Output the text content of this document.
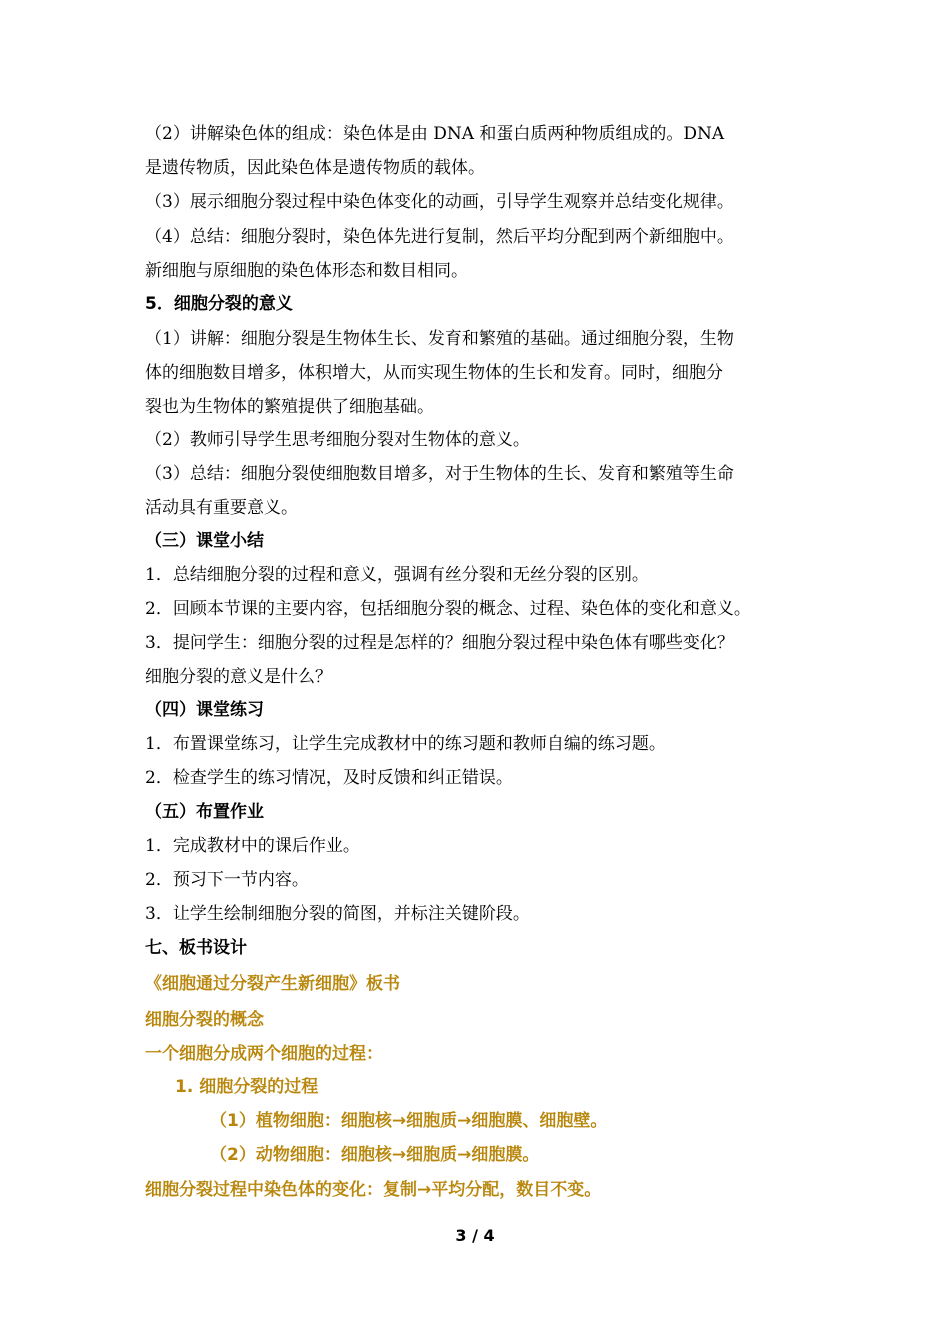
（2）讲解染色体的组成：染色体是由 DNA 和蛋白质两种物质组成的。DNA
是遗传物质，因此染色体是遗传物质的载体。
（3）展示细胞分裂过程中染色体变化的动画，引导学生观察并总结变化规律。
（4）总结：细胞分裂时，染色体先进行复制，然后平均分配到两个新细胞中。
新细胞与原细胞的染色体形态和数目相同。
5．细胞分裂的意义
（1）讲解：细胞分裂是生物体生长、发育和繁殖的基础。通过细胞分裂，生物
体的细胞数目增多，体积增大，从而实现生物体的生长和发育。同时，细胞分
裂也为生物体的繁殖提供了细胞基础。
（2）教师引导学生思考细胞分裂对生物体的意义。
（3）总结：细胞分裂使细胞数目增多，对于生物体的生长、发育和繁殖等生命
活动具有重要意义。
（三）课堂小结
1．总结细胞分裂的过程和意义，强调有丝分裂和无丝分裂的区别。
2．回顾本节课的主要内容，包括细胞分裂的概念、过程、染色体的变化和意义。
3．提问学生：细胞分裂的过程是怎样的？细胞分裂过程中染色体有哪些变化？
细胞分裂的意义是什么？
（四）课堂练习
1．布置课堂练习，让学生完成教材中的练习题和教师自编的练习题。
2．检查学生的练习情况，及时反馈和纠正错误。
（五）布置作业
1．完成教材中的课后作业。
2．预习下一节内容。
3．让学生绘制细胞分裂的简图，并标注关键阶段。
七、板书设计
《细胞通过分裂产生新细胞》板书
细胞分裂的概念
一个细胞分成两个细胞的过程：
1. 细胞分裂的过程
（1）植物细胞：细胞核→细胞质→细胞膜、细胞壁。
（2）动物细胞：细胞核→细胞质→细胞膜。
细胞分裂过程中染色体的变化：复制→平均分配，数目不变。
3 / 4
